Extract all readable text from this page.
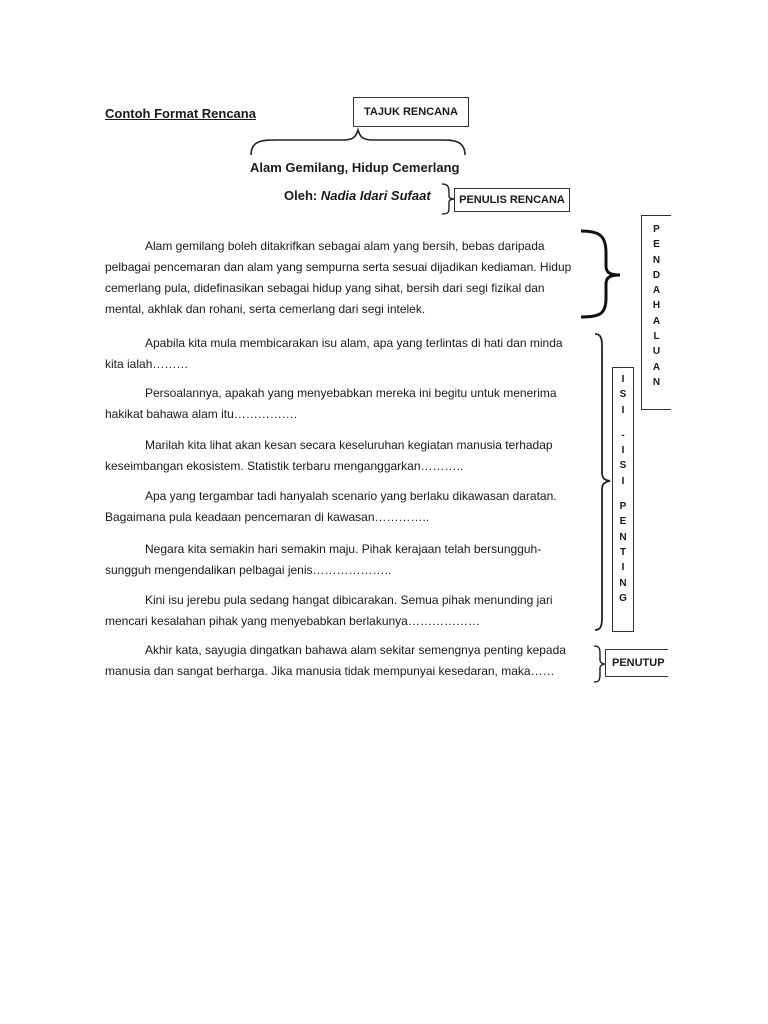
Contoh Format Rencana	TAJUK RENCANA
Alam Gemilang, Hidup Cemerlang
Oleh: Nadia Idari Sufaat	PENULIS RENCANA
Alam gemilang boleh ditakrifkan sebagai alam yang bersih, bebas daripada
pelbagai pencemaran dan alam yang sempurna serta sesuai dijadikan kediaman. Hidup
cemerlang pula, didefinasikan sebagai hidup yang sihat, bersih dari segi fizikal dan
mental, akhlak dan rohani, serta cemerlang dari segi intelek.
Apabila kita mula membicarakan isu alam, apa yang terlintas di hati dan minda
kita ialah………
Persoalannya, apakah yang menyebabkan mereka ini begitu untuk menerima
hakikat bahawa alam itu…………….
Marilah kita lihat akan kesan secara keseluruhan kegiatan manusia terhadap
keseimbangan ekosistem. Statistik terbaru menganggarkan………..
Apa yang tergambar tadi hanyalah scenario yang berlaku dikawasan daratan.
Bagaimana pula keadaan pencemaran di kawasan…………..
Negara kita semakin hari semakin maju. Pihak kerajaan telah bersungguh-
sungguh mengendalikan pelbagai jenis………………..
Kini isu jerebu pula sedang hangat dibicarakan. Semua pihak menunding jari
mencari kesalahan pihak yang menyebabkan berlakunya………………
Akhir kata, sayugia dingatkan bahawa alam sekitar semengnya penting kepada
manusia dan sangat berharga. Jika manusia tidak mempunyai kesedaran, maka……
P
E
N
D
A
H
A
L
U
A
N
I
S
I
-
I
S
I
P
E
N
T
I
N
G
PENUTUP
